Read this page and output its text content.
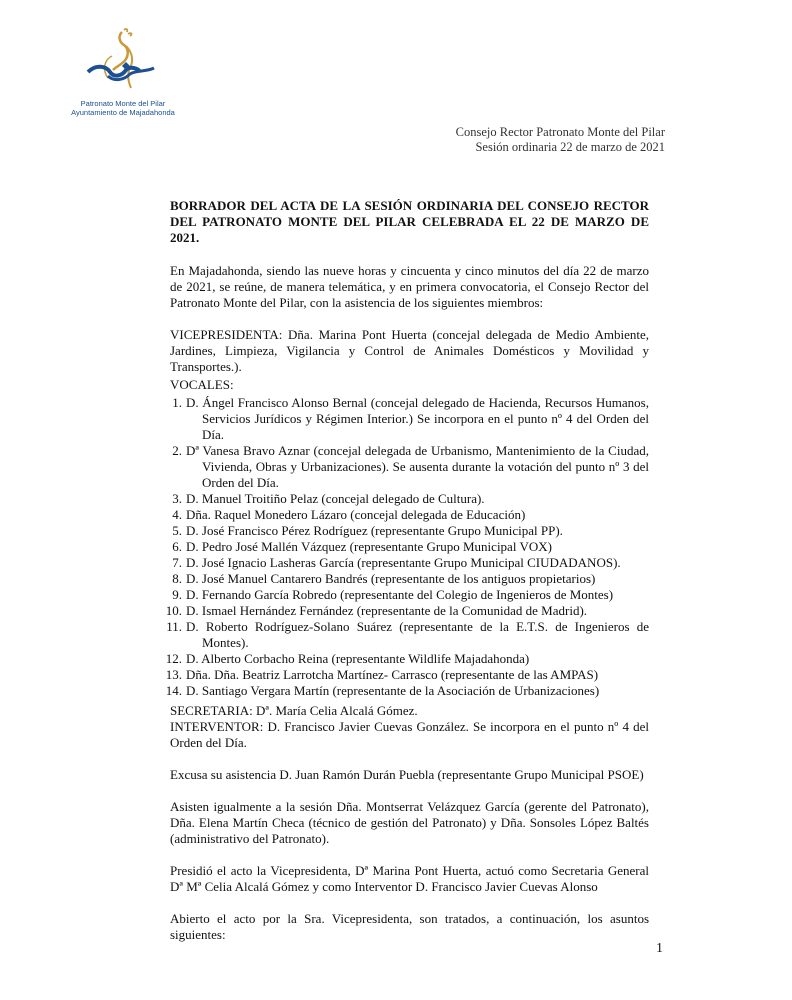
Patronato Monte del Pilar
Ayuntamiento de Majadahonda
Consejo Rector Patronato Monte del Pilar
Sesión ordinaria 22 de marzo de 2021

BORRADOR DEL ACTA DE LA SESIÓN ORDINARIA DEL CONSEJO RECTOR DEL PATRONATO MONTE DEL PILAR CELEBRADA EL 22 DE MARZO DE 2021.

En Majadahonda, siendo las nueve horas y cincuenta y cinco minutos del día 22 de marzo de 2021, se reúne, de manera telemática, y en primera convocatoria, el Consejo Rector del Patronato Monte del Pilar, con la asistencia de los siguientes miembros:

VICEPRESIDENTA: Dña. Marina Pont Huerta (concejal delegada de Medio Ambiente, Jardines, Limpieza, Vigilancia y Control de Animales Domésticos y Movilidad y Transportes.).

VOCALES:

1. D. Ángel Francisco Alonso Bernal (concejal delegado de Hacienda, Recursos Humanos, Servicios Jurídicos y Régimen Interior.) Se incorpora en el punto nº 4 del Orden del Día.
2. Dª Vanesa Bravo Aznar (concejal delegada de Urbanismo, Mantenimiento de la Ciudad, Vivienda, Obras y Urbanizaciones). Se ausenta durante la votación del punto nº 3 del Orden del Día.
3. D. Manuel Troitiño Pelaz (concejal delegado de Cultura).
4. Dña. Raquel Monedero Lázaro (concejal delegada de Educación)
5. D. José Francisco Pérez Rodríguez (representante Grupo Municipal PP).
6. D. Pedro José Mallén Vázquez (representante Grupo Municipal VOX)
7. D. José Ignacio Lasheras García (representante Grupo Municipal CIUDADANOS).
8. D. José Manuel Cantarero Bandrés (representante de los antiguos propietarios)
9. D. Fernando García Robredo (representante del Colegio de Ingenieros de Montes)
10. D. Ismael Hernández Fernández (representante de la Comunidad de Madrid).
11. D. Roberto Rodríguez-Solano Suárez (representante de la E.T.S. de Ingenieros de Montes).
12. D. Alberto Corbacho Reina (representante Wildlife Majadahonda)
13. Dña. Dña. Beatriz Larrotcha Martínez- Carrasco (representante de las AMPAS)
14. D. Santiago Vergara Martín (representante de la Asociación de Urbanizaciones)

SECRETARIA: Dª. María Celia Alcalá Gómez.

INTERVENTOR: D. Francisco Javier Cuevas González. Se incorpora en el punto nº 4 del Orden del Día.

Excusa su asistencia D. Juan Ramón Durán Puebla (representante Grupo Municipal PSOE)

Asisten igualmente a la sesión Dña. Montserrat Velázquez García (gerente del Patronato), Dña. Elena Martín Checa (técnico de gestión del Patronato) y Dña. Sonsoles López Baltés (administrativo del Patronato).

Presidió el acto la Vicepresidenta, Dª Marina Pont Huerta, actuó como Secretaria General Dª Mª Celia Alcalá Gómez y como Interventor D. Francisco Javier Cuevas Alonso

Abierto el acto por la Sra. Vicepresidenta, son tratados, a continuación, los asuntos siguientes:

1
